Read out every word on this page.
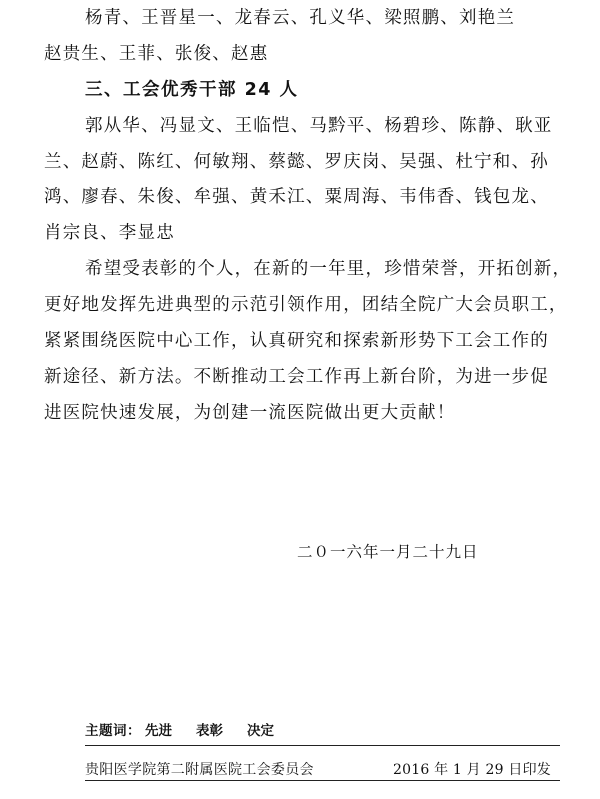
杨青、王晋星一、龙春云、孔义华、梁照鹏、刘艳兰
赵贵生、王菲、张俊、赵惠
三、工会优秀干部 24 人
郭从华、冯显文、王临恺、马黔平、杨碧珍、陈静、耿亚
兰、赵蔚、陈红、何敏翔、蔡懿、罗庆岗、吴强、杜宁和、孙
鸿、廖春、朱俊、牟强、黄禾江、粟周海、韦伟香、钱包龙、
肖宗良、李显忠
希望受表彰的个人，在新的一年里，珍惜荣誉，开拓创新，
更好地发挥先进典型的示范引领作用，团结全院广大会员职工，
紧紧围绕医院中心工作，认真研究和探索新形势下工会工作的
新途径、新方法。不断推动工会工作再上新台阶，为进一步促
进医院快速发展，为创建一流医院做出更大贡献！
二０一六年一月二十九日
主题词： 先进 表彰 决定
贵阳医学院第二附属医院工会委员会	2016 年 1 月 29 日印发
